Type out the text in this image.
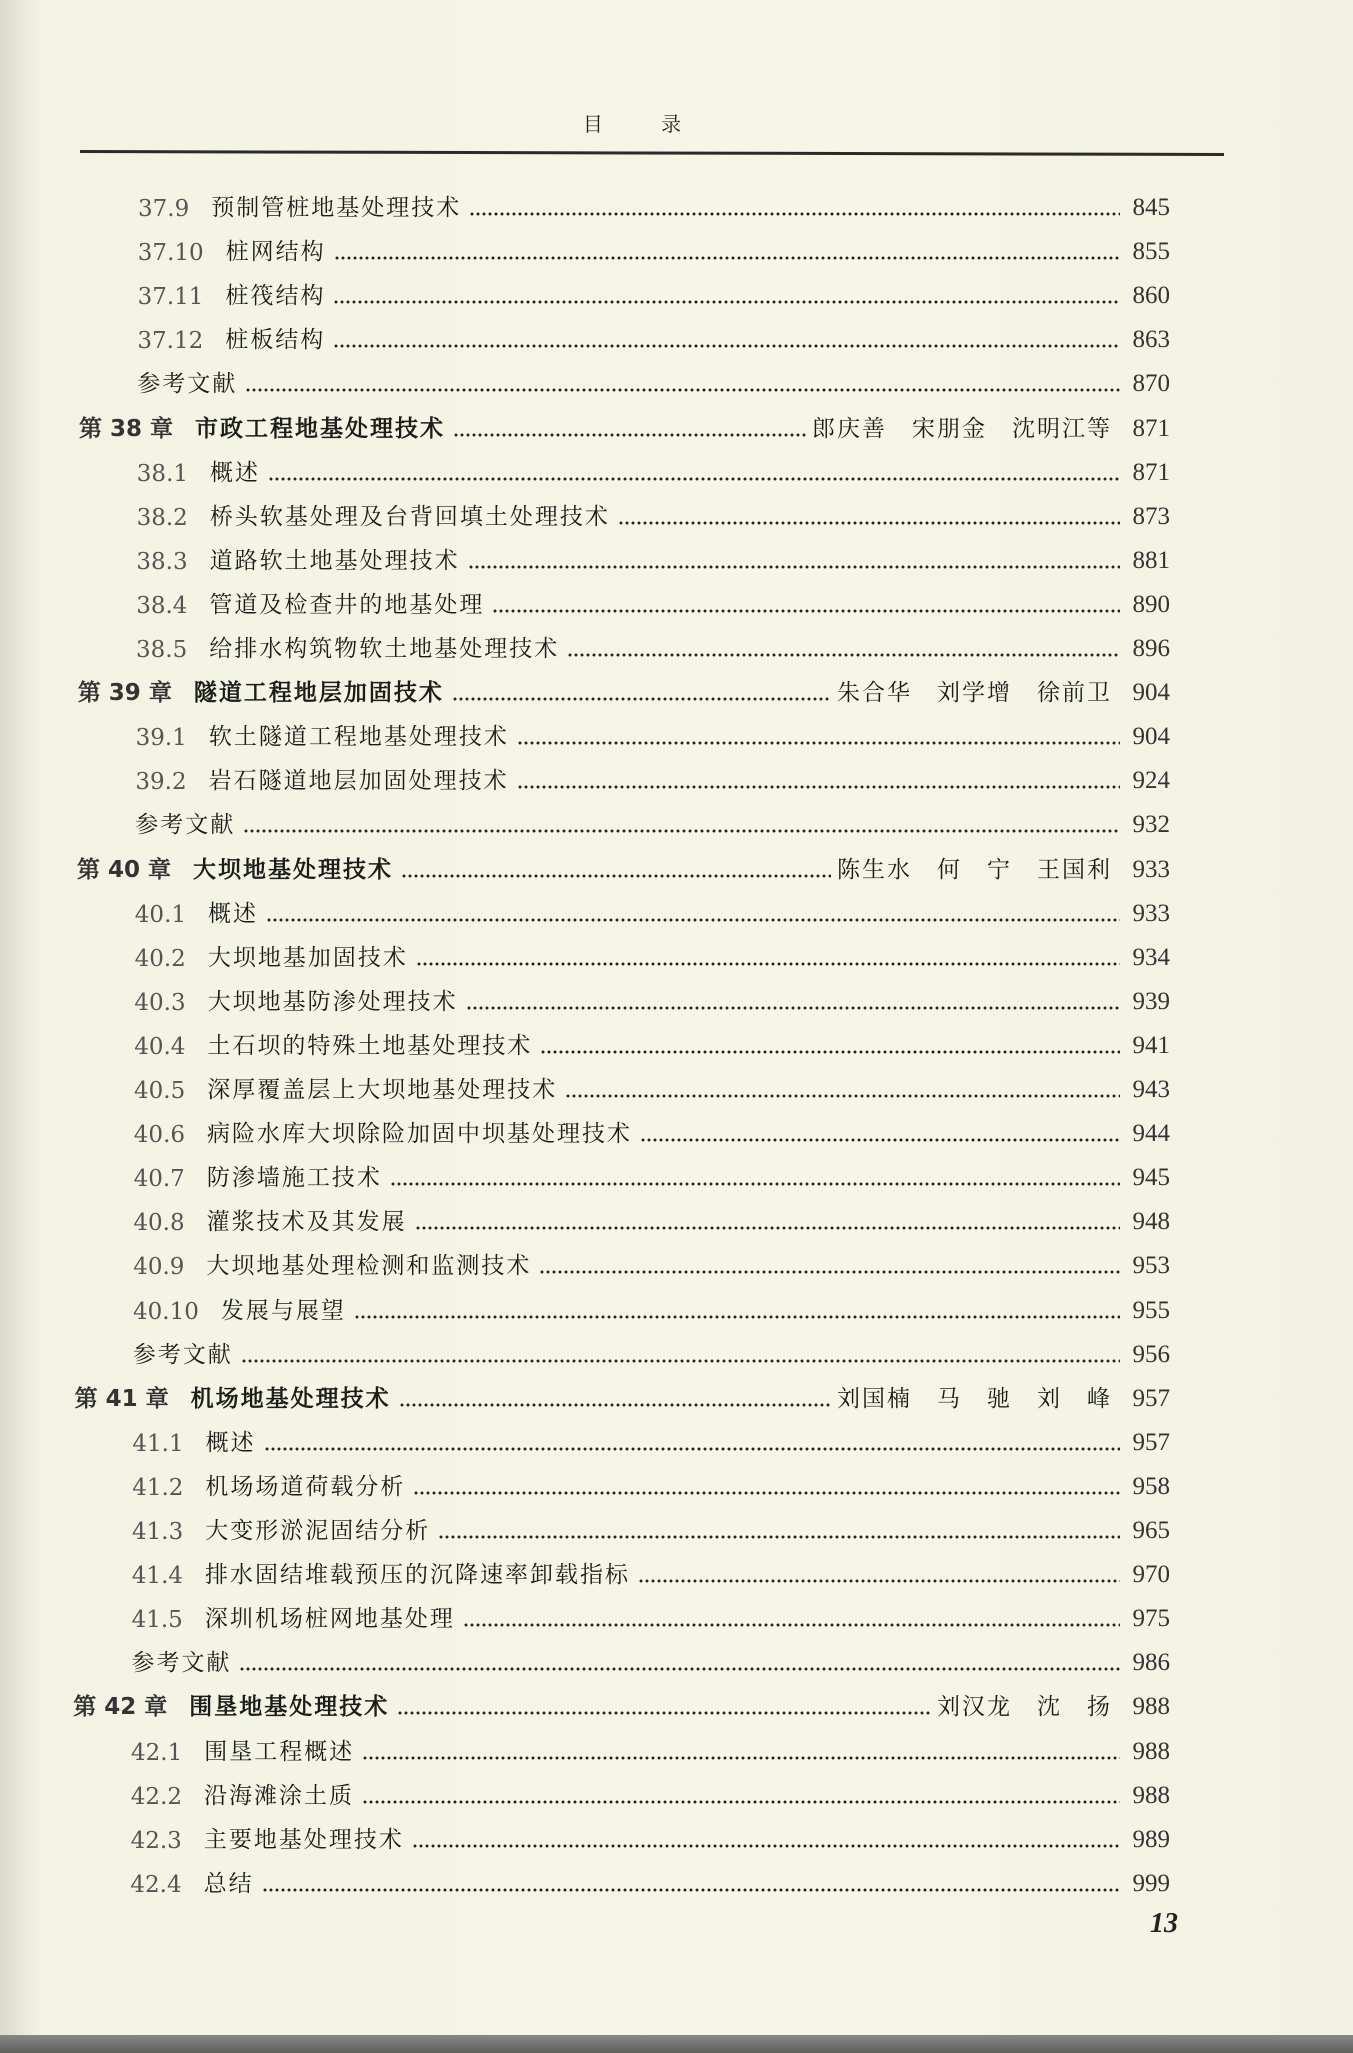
目 录
37.9 预制管桩地基处理技术	845
37.10 桩网结构	855
37.11 桩筏结构	860
37.12 桩板结构	863
参考文献	870
第 38 章 市政工程地基处理技术	郎庆善　宋朋金　沈明江等 871
38.1 概述	871
38.2 桥头软基处理及台背回填土处理技术	873
38.3 道路软土地基处理技术	881
38.4 管道及检查井的地基处理	890
38.5 给排水构筑物软土地基处理技术	896
第 39 章 隧道工程地层加固技术	朱合华　刘学增　徐前卫 904
39.1 软土隧道工程地基处理技术	904
39.2 岩石隧道地层加固处理技术	924
参考文献	932
第 40 章 大坝地基处理技术	陈生水　何　宁　王国利 933
40.1 概述	933
40.2 大坝地基加固技术	934
40.3 大坝地基防渗处理技术	939
40.4 土石坝的特殊土地基处理技术	941
40.5 深厚覆盖层上大坝地基处理技术	943
40.6 病险水库大坝除险加固中坝基处理技术	944
40.7 防渗墙施工技术	945
40.8 灌浆技术及其发展	948
40.9 大坝地基处理检测和监测技术	953
40.10 发展与展望	955
参考文献	956
第 41 章 机场地基处理技术	刘国楠　马　驰　刘　峰 957
41.1 概述	957
41.2 机场场道荷载分析	958
41.3 大变形淤泥固结分析	965
41.4 排水固结堆载预压的沉降速率卸载指标	970
41.5 深圳机场桩网地基处理	975
参考文献	986
第 42 章 围垦地基处理技术	刘汉龙　沈　扬 988
42.1 围垦工程概述	988
42.2 沿海滩涂土质	988
42.3 主要地基处理技术	989
42.4 总结	999
13
